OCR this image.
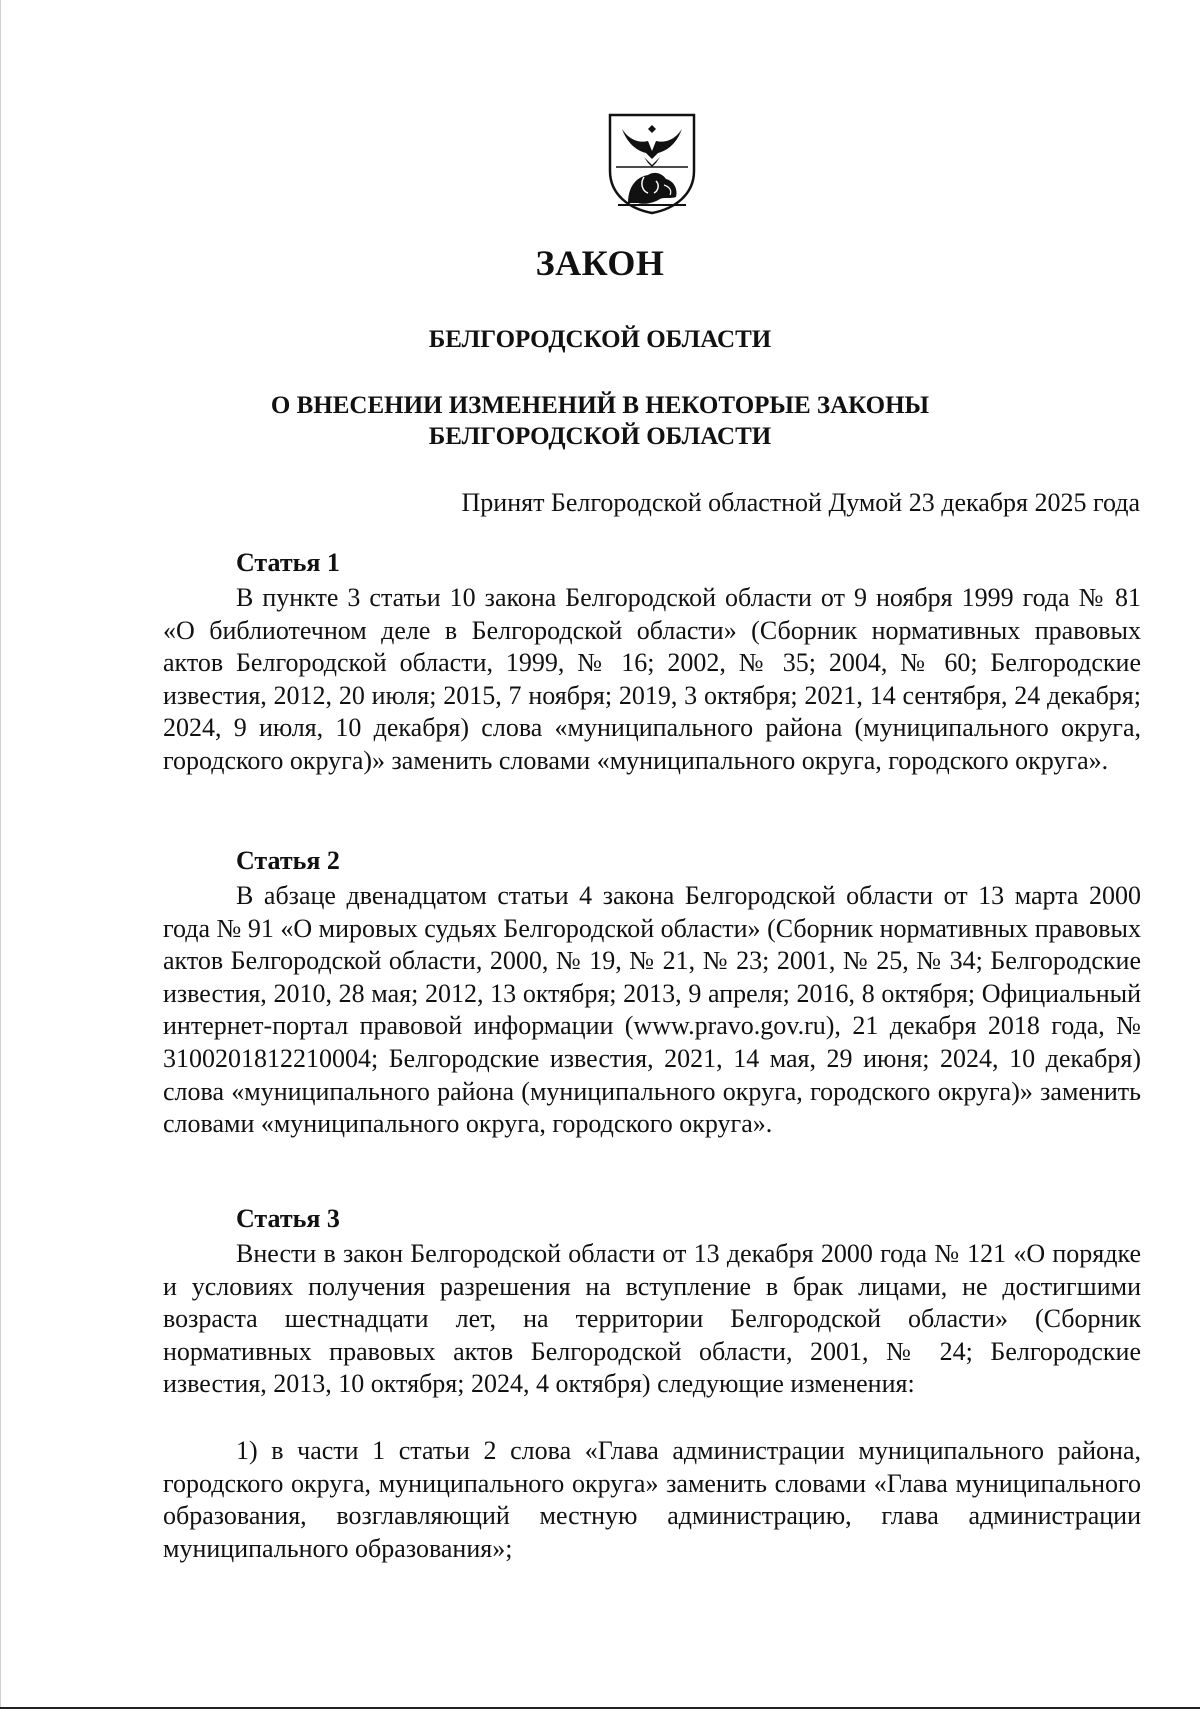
ЗАКОН
БЕЛГОРОДСКОЙ ОБЛАСТИ
О ВНЕСЕНИИ ИЗМЕНЕНИЙ В НЕКОТОРЫЕ ЗАКОНЫ
БЕЛГОРОДСКОЙ ОБЛАСТИ
Принят Белгородской областной Думой 23 декабря 2025 года
Статья 1

В пункте 3 статьи 10 закона Белгородской области от 9 ноября 1999 года № 81 «О библиотечном деле в Белгородской области» (Сборник нормативных правовых актов Белгородской области, 1999, № 16; 2002, № 35; 2004, № 60; Белгородские известия, 2012, 20 июля; 2015, 7 ноября; 2019, 3 октября; 2021, 14 сентября, 24 декабря; 2024, 9 июля, 10 декабря) слова «муниципального района (муниципального округа, городского округа)» заменить словами «муниципального округа, городского округа».

Статья 2

В абзаце двенадцатом статьи 4 закона Белгородской области от 13 марта 2000 года № 91 «О мировых судьях Белгородской области» (Сборник нормативных правовых актов Белгородской области, 2000, № 19, № 21, № 23; 2001, № 25, № 34; Белгородские известия, 2010, 28 мая; 2012, 13 октября; 2013, 9 апреля; 2016, 8 октября; Официальный интернет-портал правовой информации (www.pravo.gov.ru), 21 декабря 2018 года, № 3100201812210004; Белгородские известия, 2021, 14 мая, 29 июня; 2024, 10 декабря) слова «муниципального района (муниципального округа, городского округа)» заменить словами «муниципального округа, городского округа».

Статья 3

Внести в закон Белгородской области от 13 декабря 2000 года № 121 «О порядке и условиях получения разрешения на вступление в брак лицами, не достигшими возраста шестнадцати лет, на территории Белгородской области» (Сборник нормативных правовых актов Белгородской области, 2001, № 24; Белгородские известия, 2013, 10 октября; 2024, 4 октября) следующие изменения:

1) в части 1 статьи 2 слова «Глава администрации муниципального района, городского округа, муниципального округа» заменить словами «Глава муниципального образования, возглавляющий местную администрацию, глава администрации муниципального образования»;
